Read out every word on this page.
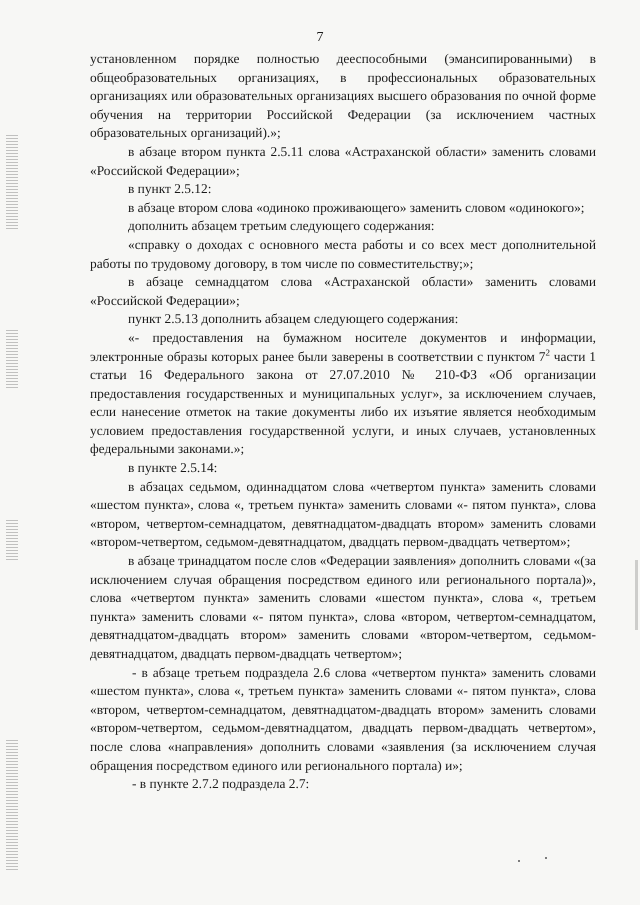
7

установленном порядке полностью дееспособными (эмансипированными) в общеобразовательных организациях, в профессиональных образовательных организациях или образовательных организациях высшего образования по очной форме обучения на территории Российской Федерации (за исключением частных образовательных организаций).»;

в абзаце втором пункта 2.5.11 слова «Астраханской области» заменить словами «Российской Федерации»;

в пункт 2.5.12:

в абзаце втором слова «одиноко проживающего» заменить словом «одинокого»;

дополнить абзацем третьим следующего содержания:

«справку о доходах с основного места работы и со всех мест дополнительной работы по трудовому договору, в том числе по совместительству;»;

в абзаце семнадцатом слова «Астраханской области» заменить словами «Российской Федерации»;

пункт 2.5.13 дополнить абзацем следующего содержания:

«- предоставления на бумажном носителе документов и информации, электронные образы которых ранее были заверены в соответствии с пунктом $7^2$ части 1 статьи 16 Федерального закона от 27.07.2010 № 210-ФЗ «Об организации предоставления государственных и муниципальных услуг», за исключением случаев, если нанесение отметок на такие документы либо их изъятие является необходимым условием предоставления государственной услуги, и иных случаев, установленных федеральными законами.»;

в пункте 2.5.14:

в абзацах седьмом, одиннадцатом слова «четвертом пункта» заменить словами «шестом пункта», слова «, третьем пункта» заменить словами «- пятом пункта», слова «втором, четвертом-семнадцатом, девятнадцатом-двадцать втором» заменить словами «втором-четвертом, седьмом-девятнадцатом, двадцать первом-двадцать четвертом»;

в абзаце тринадцатом после слов «Федерации заявления» дополнить словами «(за исключением случая обращения посредством единого или регионального портала)», слова «четвертом пункта» заменить словами «шестом пункта», слова «, третьем пункта» заменить словами «- пятом пункта», слова «втором, четвертом-семнадцатом, девятнадцатом-двадцать втором» заменить словами «втором-четвертом, седьмом-девятнадцатом, двадцать первом-двадцать четвертом»;

- в абзаце третьем подраздела 2.6 слова «четвертом пункта» заменить словами «шестом пункта», слова «, третьем пункта» заменить словами «- пятом пункта», слова «втором, четвертом-семнадцатом, девятнадцатом-двадцать втором» заменить словами «втором-четвертом, седьмом-девятнадцатом, двадцать первом-двадцать четвертом», после слова «направления» дополнить словами «заявления (за исключением случая обращения посредством единого или регионального портала) и»;

- в пункте 2.7.2 подраздела 2.7:
